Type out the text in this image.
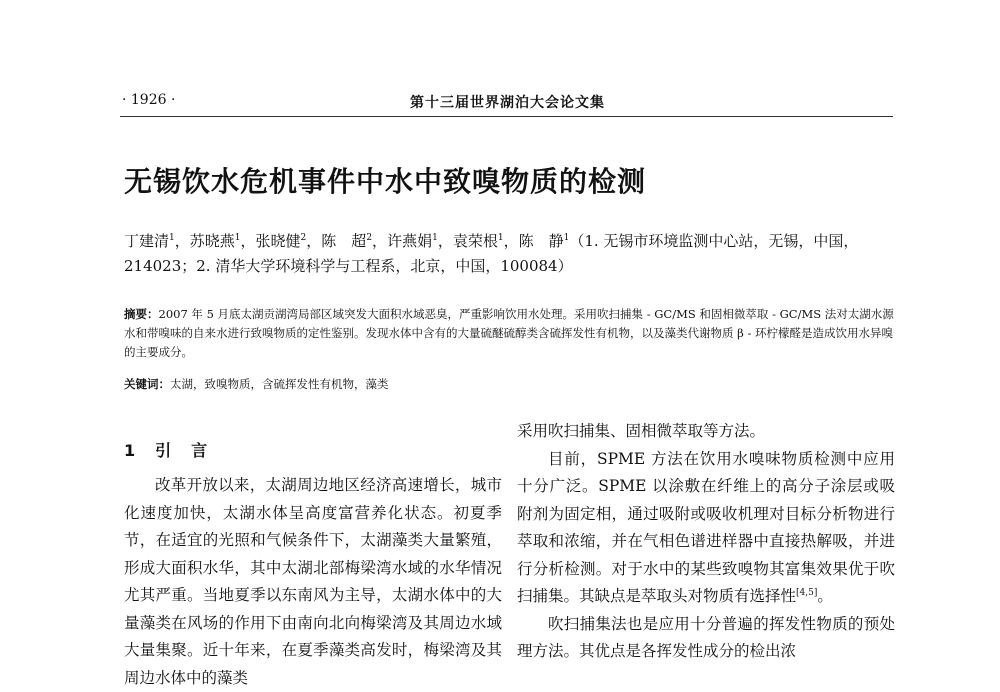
· 1926 ·	第十三届世界湖泊大会论文集
无锡饮水危机事件中水中致嗅物质的检测
丁建清$^1$，苏晓燕$^1$，张晓健$^2$，陈　超$^2$，许燕娟$^1$，袁荣根$^1$，陈　静$^1$（1. 无锡市环境监测中心站，无锡，中国，
214023；2. 清华大学环境科学与工程系，北京，中国，100084）
摘要：2007 年 5 月底太湖贡湖湾局部区域突发大面积水域恶臭，严重影响饮用水处理。采用吹扫捕集 - GC/MS 和固相微萃取 - GC/MS 法对太湖水源水和带嗅味的自来水进行致嗅物质的定性鉴别。发现水体中含有的大量硫醚硫醇类含硫挥发性有机物，以及藻类代谢物质 β - 环柠檬醛是造成饮用水异嗅的主要成分。
关键词：太湖，致嗅物质，含硫挥发性有机物，藻类
1　引　言

改革开放以来，太湖周边地区经济高速增长，城市化速度加快，太湖水体呈高度富营养化状态。初夏季节，在适宜的光照和气候条件下，太湖藻类大量繁殖，形成大面积水华，其中太湖北部梅梁湾水域的水华情况尤其严重。当地夏季以东南风为主导，太湖水体中的大量藻类在风场的作用下由南向北向梅梁湾及其周边水域大量集聚。近十年来，在夏季藻类高发时，梅梁湾及其周边水体中的藻类

采用吹扫捕集、固相微萃取等方法。

目前，SPME 方法在饮用水嗅味物质检测中应用十分广泛。SPME 以涂敷在纤维上的高分子涂层或吸附剂为固定相，通过吸附或吸收机理对目标分析物进行萃取和浓缩，并在气相色谱进样器中直接热解吸，并进行分析检测。对于水中的某些致嗅物其富集效果优于吹扫捕集。其缺点是萃取头对物质有选择性[4,5]。

吹扫捕集法也是应用十分普遍的挥发性物质的预处理方法。其优点是各挥发性成分的检出浓
